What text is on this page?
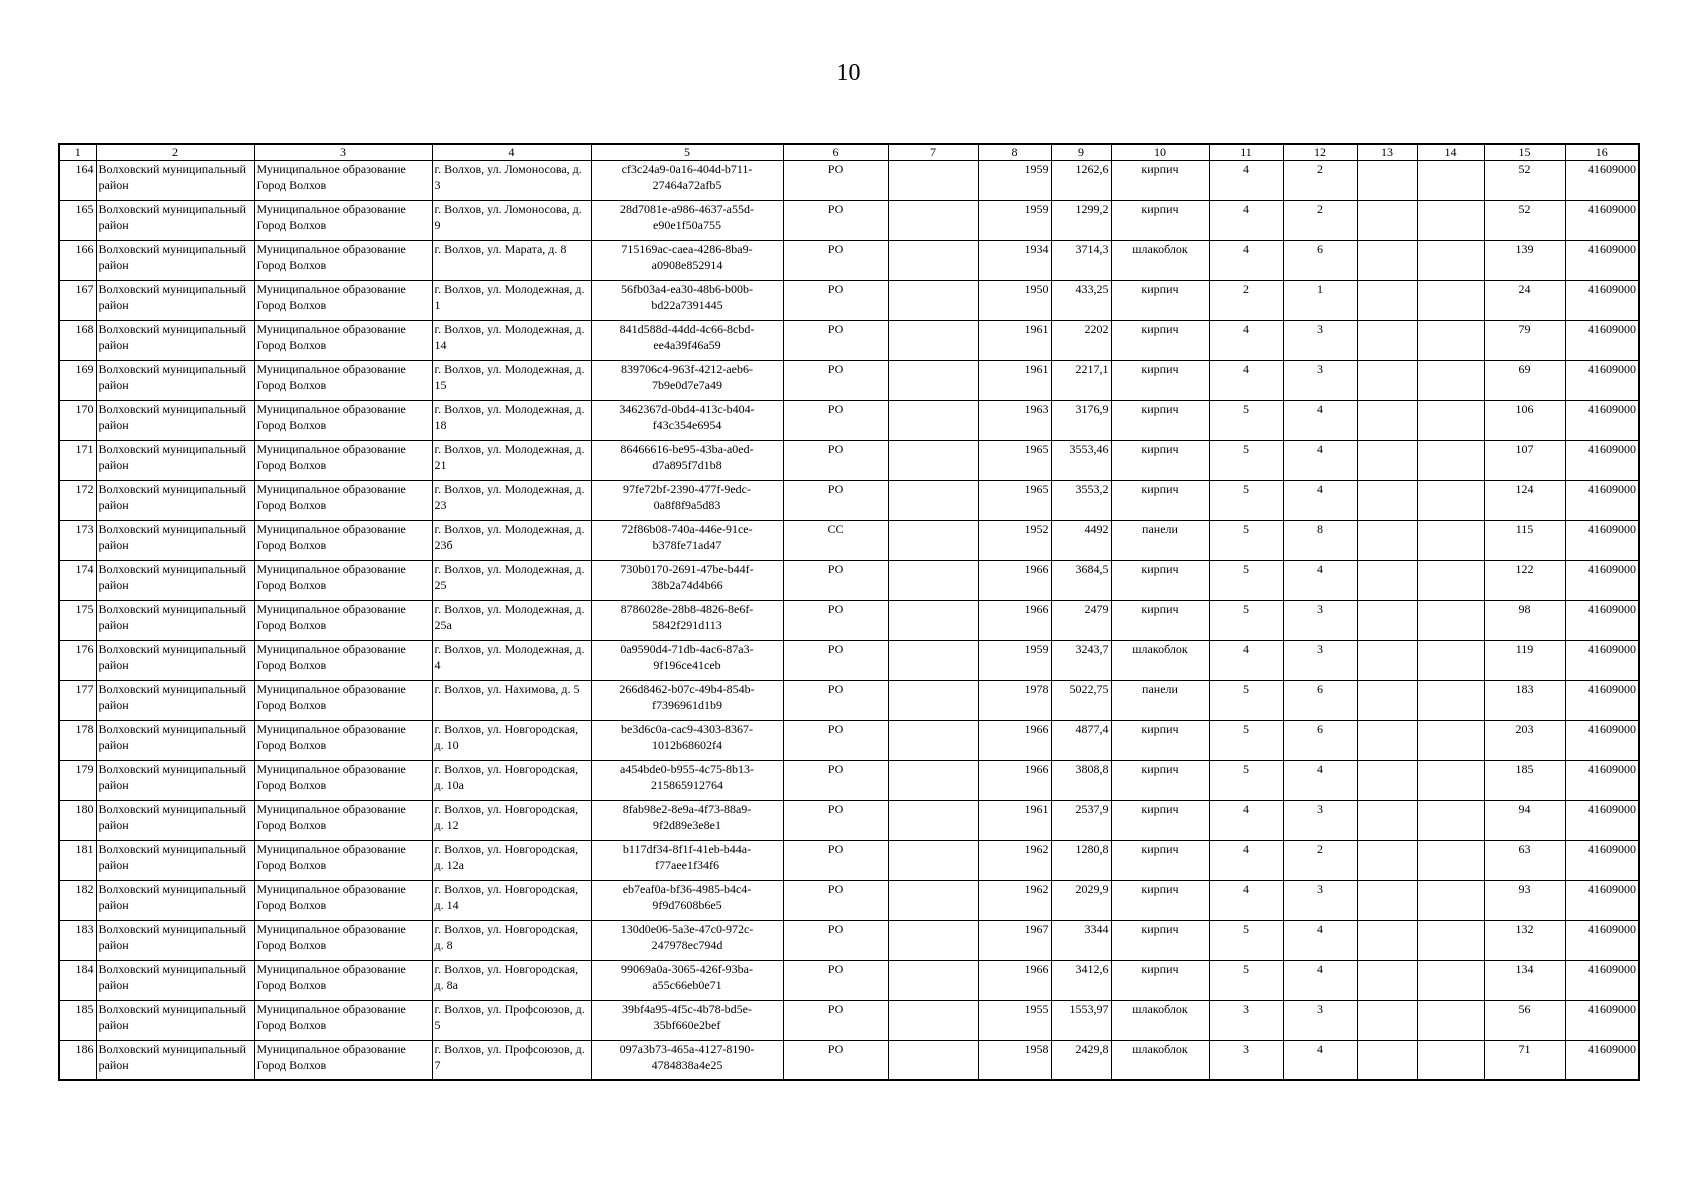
10
1	2	3	4	5	6	7	8	9	10	11	12	13	14	15	16
164	Волховский муниципальный район	Муниципальное образование Город Волхов	г. Волхов, ул. Ломоносова, д. 3	cf3c24a9-0a16-404d-b711-27464a72afb5	РО		1959	1262,6	кирпич	4	2			52	41609000
165	Волховский муниципальный район	Муниципальное образование Город Волхов	г. Волхов, ул. Ломоносова, д. 9	28d7081e-a986-4637-a55d-e90e1f50a755	РО		1959	1299,2	кирпич	4	2			52	41609000
166	Волховский муниципальный район	Муниципальное образование Город Волхов	г. Волхов, ул. Марата, д. 8	715169ac-caea-4286-8ba9-a0908e852914	РО		1934	3714,3	шлакоблок	4	6			139	41609000
167	Волховский муниципальный район	Муниципальное образование Город Волхов	г. Волхов, ул. Молодежная, д. 1	56fb03a4-ea30-48b6-b00b-bd22a7391445	РО		1950	433,25	кирпич	2	1			24	41609000
168	Волховский муниципальный район	Муниципальное образование Город Волхов	г. Волхов, ул. Молодежная, д. 14	841d588d-44dd-4c66-8cbd-ee4a39f46a59	РО		1961	2202	кирпич	4	3			79	41609000
169	Волховский муниципальный район	Муниципальное образование Город Волхов	г. Волхов, ул. Молодежная, д. 15	839706c4-963f-4212-aeb6-7b9e0d7e7a49	РО		1961	2217,1	кирпич	4	3			69	41609000
170	Волховский муниципальный район	Муниципальное образование Город Волхов	г. Волхов, ул. Молодежная, д. 18	3462367d-0bd4-413c-b404-f43c354e6954	РО		1963	3176,9	кирпич	5	4			106	41609000
171	Волховский муниципальный район	Муниципальное образование Город Волхов	г. Волхов, ул. Молодежная, д. 21	86466616-be95-43ba-a0ed-d7a895f7d1b8	РО		1965	3553,46	кирпич	5	4			107	41609000
172	Волховский муниципальный район	Муниципальное образование Город Волхов	г. Волхов, ул. Молодежная, д. 23	97fe72bf-2390-477f-9edc-0a8f8f9a5d83	РО		1965	3553,2	кирпич	5	4			124	41609000
173	Волховский муниципальный район	Муниципальное образование Город Волхов	г. Волхов, ул. Молодежная, д. 23б	72f86b08-740a-446e-91ce-b378fe71ad47	СС		1952	4492	панели	5	8			115	41609000
174	Волховский муниципальный район	Муниципальное образование Город Волхов	г. Волхов, ул. Молодежная, д. 25	730b0170-2691-47be-b44f-38b2a74d4b66	РО		1966	3684,5	кирпич	5	4			122	41609000
175	Волховский муниципальный район	Муниципальное образование Город Волхов	г. Волхов, ул. Молодежная, д. 25а	8786028e-28b8-4826-8e6f-5842f291d113	РО		1966	2479	кирпич	5	3			98	41609000
176	Волховский муниципальный район	Муниципальное образование Город Волхов	г. Волхов, ул. Молодежная, д. 4	0a9590d4-71db-4ac6-87a3-9f196ce41ceb	РО		1959	3243,7	шлакоблок	4	3			119	41609000
177	Волховский муниципальный район	Муниципальное образование Город Волхов	г. Волхов, ул. Нахимова, д. 5	266d8462-b07c-49b4-854b-f7396961d1b9	РО		1978	5022,75	панели	5	6			183	41609000
178	Волховский муниципальный район	Муниципальное образование Город Волхов	г. Волхов, ул. Новгородская, д. 10	be3d6c0a-cac9-4303-8367-1012b68602f4	РО		1966	4877,4	кирпич	5	6			203	41609000
179	Волховский муниципальный район	Муниципальное образование Город Волхов	г. Волхов, ул. Новгородская, д. 10а	a454bde0-b955-4c75-8b13-215865912764	РО		1966	3808,8	кирпич	5	4			185	41609000
180	Волховский муниципальный район	Муниципальное образование Город Волхов	г. Волхов, ул. Новгородская, д. 12	8fab98e2-8e9a-4f73-88a9-9f2d89e3e8e1	РО		1961	2537,9	кирпич	4	3			94	41609000
181	Волховский муниципальный район	Муниципальное образование Город Волхов	г. Волхов, ул. Новгородская, д. 12а	b117df34-8f1f-41eb-b44a-f77aee1f34f6	РО		1962	1280,8	кирпич	4	2			63	41609000
182	Волховский муниципальный район	Муниципальное образование Город Волхов	г. Волхов, ул. Новгородская, д. 14	eb7eaf0a-bf36-4985-b4c4-9f9d7608b6e5	РО		1962	2029,9	кирпич	4	3			93	41609000
183	Волховский муниципальный район	Муниципальное образование Город Волхов	г. Волхов, ул. Новгородская, д. 8	130d0e06-5a3e-47c0-972c-247978ec794d	РО		1967	3344	кирпич	5	4			132	41609000
184	Волховский муниципальный район	Муниципальное образование Город Волхов	г. Волхов, ул. Новгородская, д. 8а	99069a0a-3065-426f-93ba-a55c66eb0e71	РО		1966	3412,6	кирпич	5	4			134	41609000
185	Волховский муниципальный район	Муниципальное образование Город Волхов	г. Волхов, ул. Профсоюзов, д. 5	39bf4a95-4f5c-4b78-bd5e-35bf660e2bef	РО		1955	1553,97	шлакоблок	3	3			56	41609000
186	Волховский муниципальный район	Муниципальное образование Город Волхов	г. Волхов, ул. Профсоюзов, д. 7	097a3b73-465a-4127-8190-4784838a4e25	РО		1958	2429,8	шлакоблок	3	4			71	41609000
